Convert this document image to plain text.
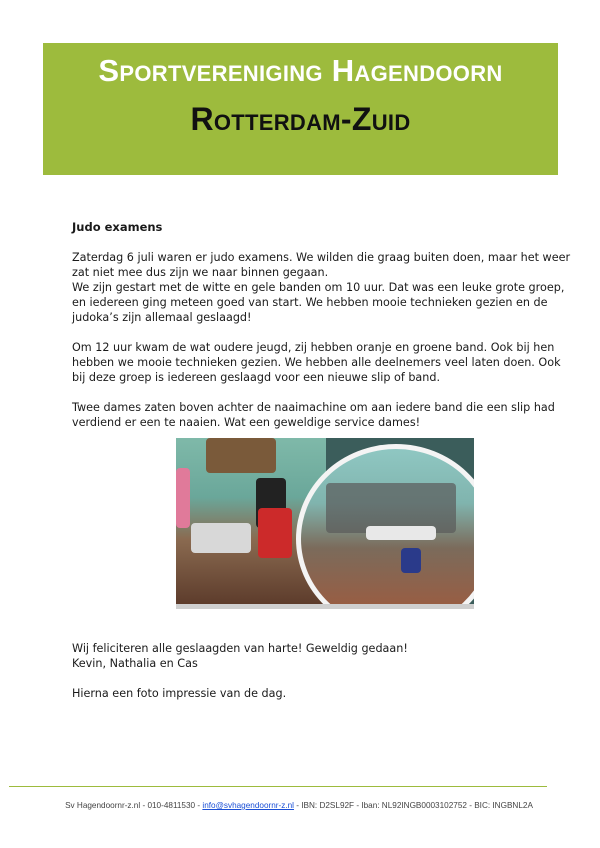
Sportvereniging Hagendoorn
Rotterdam-Zuid

Judo examens

Zaterdag 6 juli waren er judo examens. We wilden die graag buiten doen, maar het weer zat niet mee dus zijn we naar binnen gegaan.
We zijn gestart met de witte en gele banden om 10 uur. Dat was een leuke grote groep, en iedereen ging meteen goed van start. We hebben mooie technieken gezien en de judoka’s zijn allemaal geslaagd!

Om 12 uur kwam de wat oudere jeugd, zij hebben oranje en groene band. Ook bij hen hebben we mooie technieken gezien. We hebben alle deelnemers veel laten doen. Ook bij deze groep is iedereen geslaagd voor een nieuwe slip of band.

Twee dames zaten boven achter de naaimachine om aan iedere band die een slip had verdiend er een te naaien. Wat een geweldige service dames!

Wij feliciteren alle geslaagden van harte! Geweldig gedaan!

Kevin, Nathalia en Cas

Hierna een foto impressie van de dag.

Sv Hagendoornr-z.nl - 010-4811530 - info@svhagendoornr-z.nl - IBN: D2SL92F - Iban: NL92INGB0003102752 - BIC: INGBNL2A
